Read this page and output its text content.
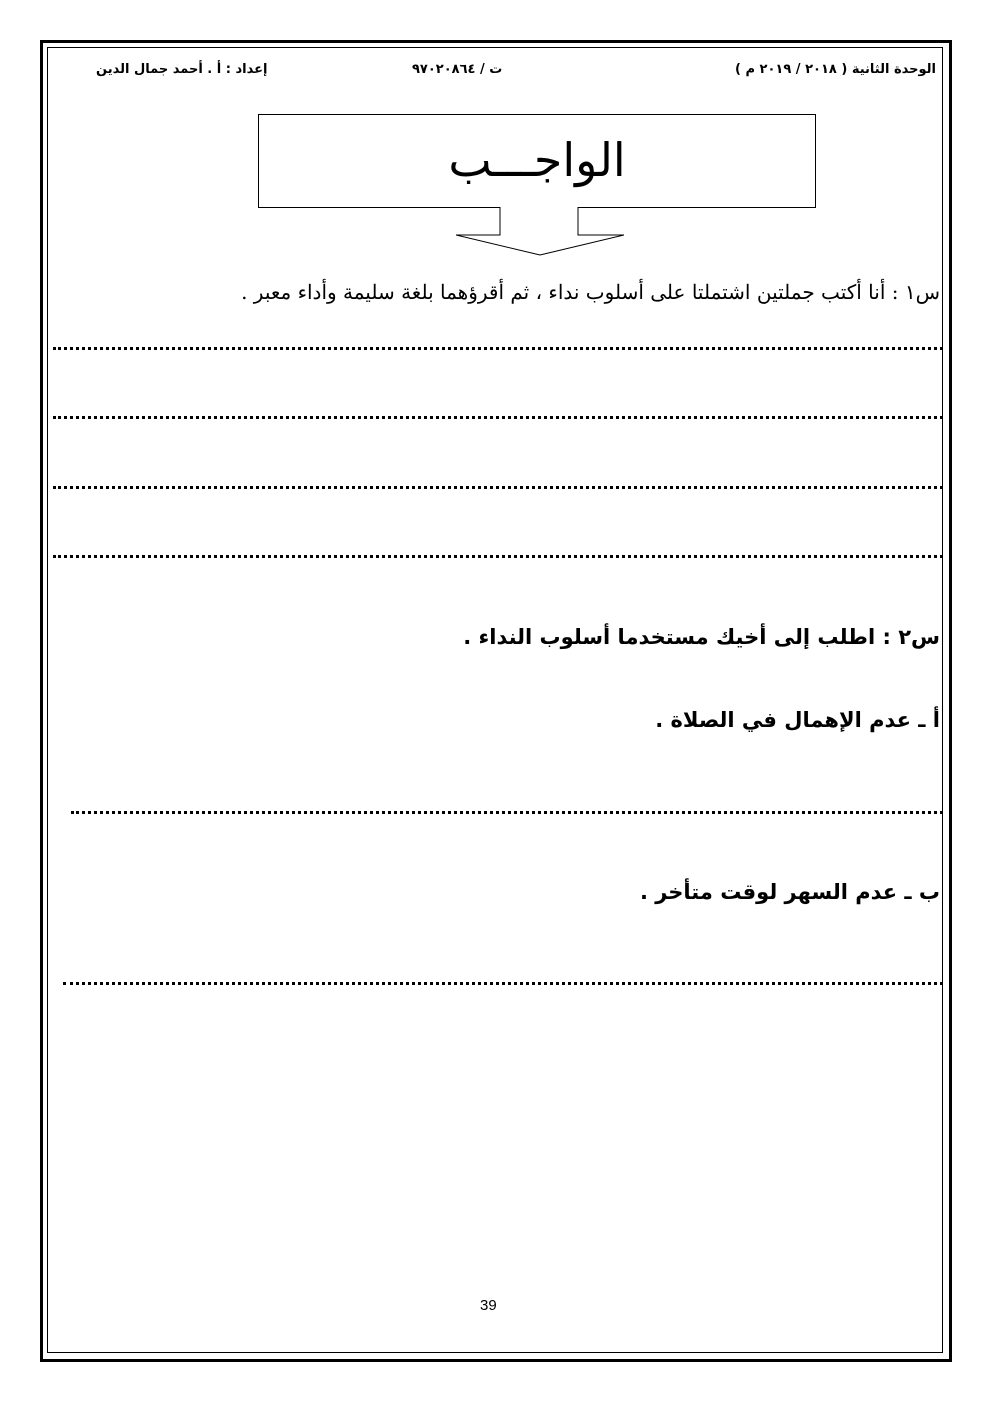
الوحدة الثانية ( ٢٠١٨ / ٢٠١٩ م )
ت / ٩٧٠٢٠٨٦٤
إعداد : أ . أحمد جمال الدين
الواجـــب
س١ : أنا أكتب جملتين اشتملتا على أسلوب نداء ، ثم أقرؤهما بلغة سليمة وأداء معبر .
س٢ : اطلب إلى أخيك مستخدما أسلوب النداء .
أ ـ عدم الإهمال في الصلاة .
ب ـ عدم السهر لوقت متأخر .
39
